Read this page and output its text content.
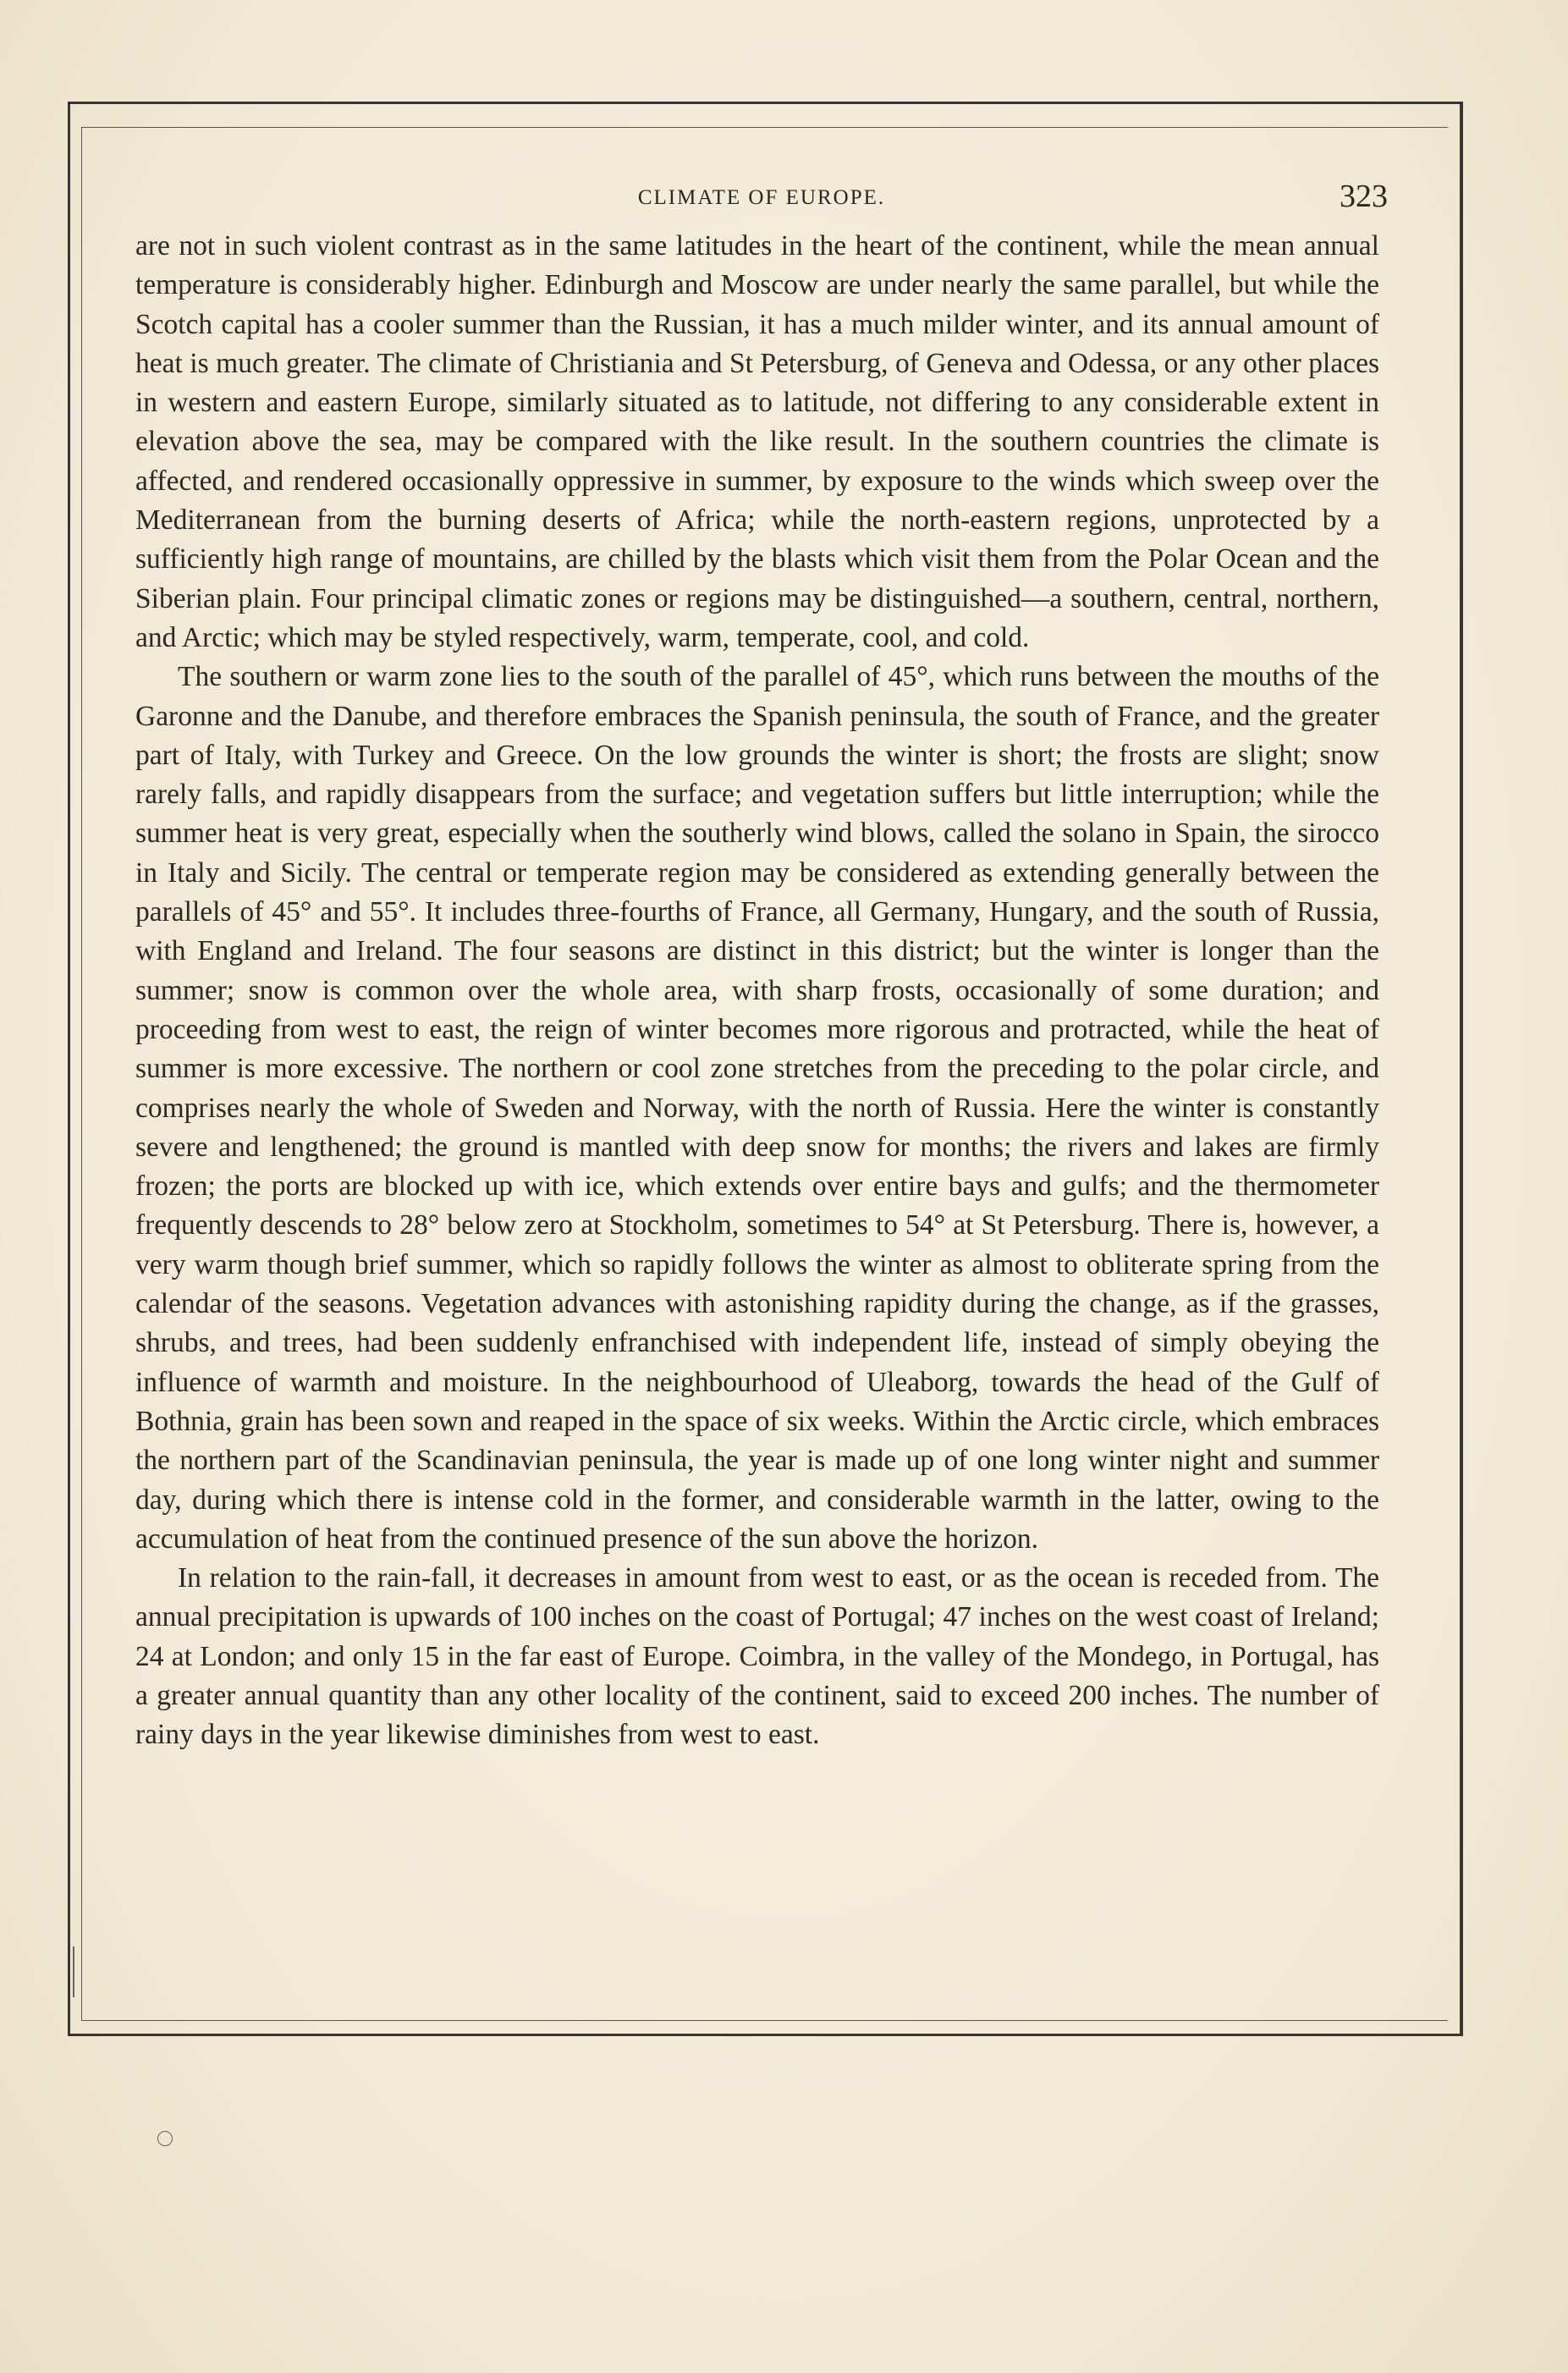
CLIMATE OF EUROPE.	323

are not in such violent contrast as in the same latitudes in the heart of the continent, while the mean annual temperature is considerably higher. Edinburgh and Moscow are under nearly the same parallel, but while the Scotch capital has a cooler summer than the Russian, it has a much milder winter, and its annual amount of heat is much greater. The climate of Christiania and St Petersburg, of Geneva and Odessa, or any other places in western and eastern Europe, similarly situated as to latitude, not differing to any considerable extent in elevation above the sea, may be compared with the like result. In the southern countries the climate is affected, and rendered occasionally oppressive in summer, by exposure to the winds which sweep over the Mediterranean from the burning deserts of Africa; while the north-eastern regions, unprotected by a sufficiently high range of mountains, are chilled by the blasts which visit them from the Polar Ocean and the Siberian plain. Four principal climatic zones or regions may be distinguished—a southern, central, northern, and Arctic; which may be styled respectively, warm, temperate, cool, and cold.

The southern or warm zone lies to the south of the parallel of 45°, which runs between the mouths of the Garonne and the Danube, and therefore embraces the Spanish peninsula, the south of France, and the greater part of Italy, with Turkey and Greece. On the low grounds the winter is short; the frosts are slight; snow rarely falls, and rapidly disappears from the surface; and vegetation suffers but little interruption; while the summer heat is very great, especially when the southerly wind blows, called the solano in Spain, the sirocco in Italy and Sicily. The central or temperate region may be considered as extending generally between the parallels of 45° and 55°. It includes three-fourths of France, all Germany, Hungary, and the south of Russia, with England and Ireland. The four seasons are distinct in this district; but the winter is longer than the summer; snow is common over the whole area, with sharp frosts, occasionally of some duration; and proceeding from west to east, the reign of winter becomes more rigorous and protracted, while the heat of summer is more excessive. The northern or cool zone stretches from the preceding to the polar circle, and comprises nearly the whole of Sweden and Norway, with the north of Russia. Here the winter is constantly severe and lengthened; the ground is mantled with deep snow for months; the rivers and lakes are firmly frozen; the ports are blocked up with ice, which extends over entire bays and gulfs; and the thermometer frequently descends to 28° below zero at Stockholm, sometimes to 54° at St Petersburg. There is, however, a very warm though brief summer, which so rapidly follows the winter as almost to obliterate spring from the calendar of the seasons. Vegetation advances with astonishing rapidity during the change, as if the grasses, shrubs, and trees, had been suddenly enfranchised with independent life, instead of simply obeying the influence of warmth and moisture. In the neighbourhood of Uleaborg, towards the head of the Gulf of Bothnia, grain has been sown and reaped in the space of six weeks. Within the Arctic circle, which embraces the northern part of the Scandinavian peninsula, the year is made up of one long winter night and summer day, during which there is intense cold in the former, and considerable warmth in the latter, owing to the accumulation of heat from the continued presence of the sun above the horizon.

In relation to the rain-fall, it decreases in amount from west to east, or as the ocean is receded from. The annual precipitation is upwards of 100 inches on the coast of Portugal; 47 inches on the west coast of Ireland; 24 at London; and only 15 in the far east of Europe. Coimbra, in the valley of the Mondego, in Portugal, has a greater annual quantity than any other locality of the continent, said to exceed 200 inches. The number of rainy days in the year likewise diminishes from west to east.
